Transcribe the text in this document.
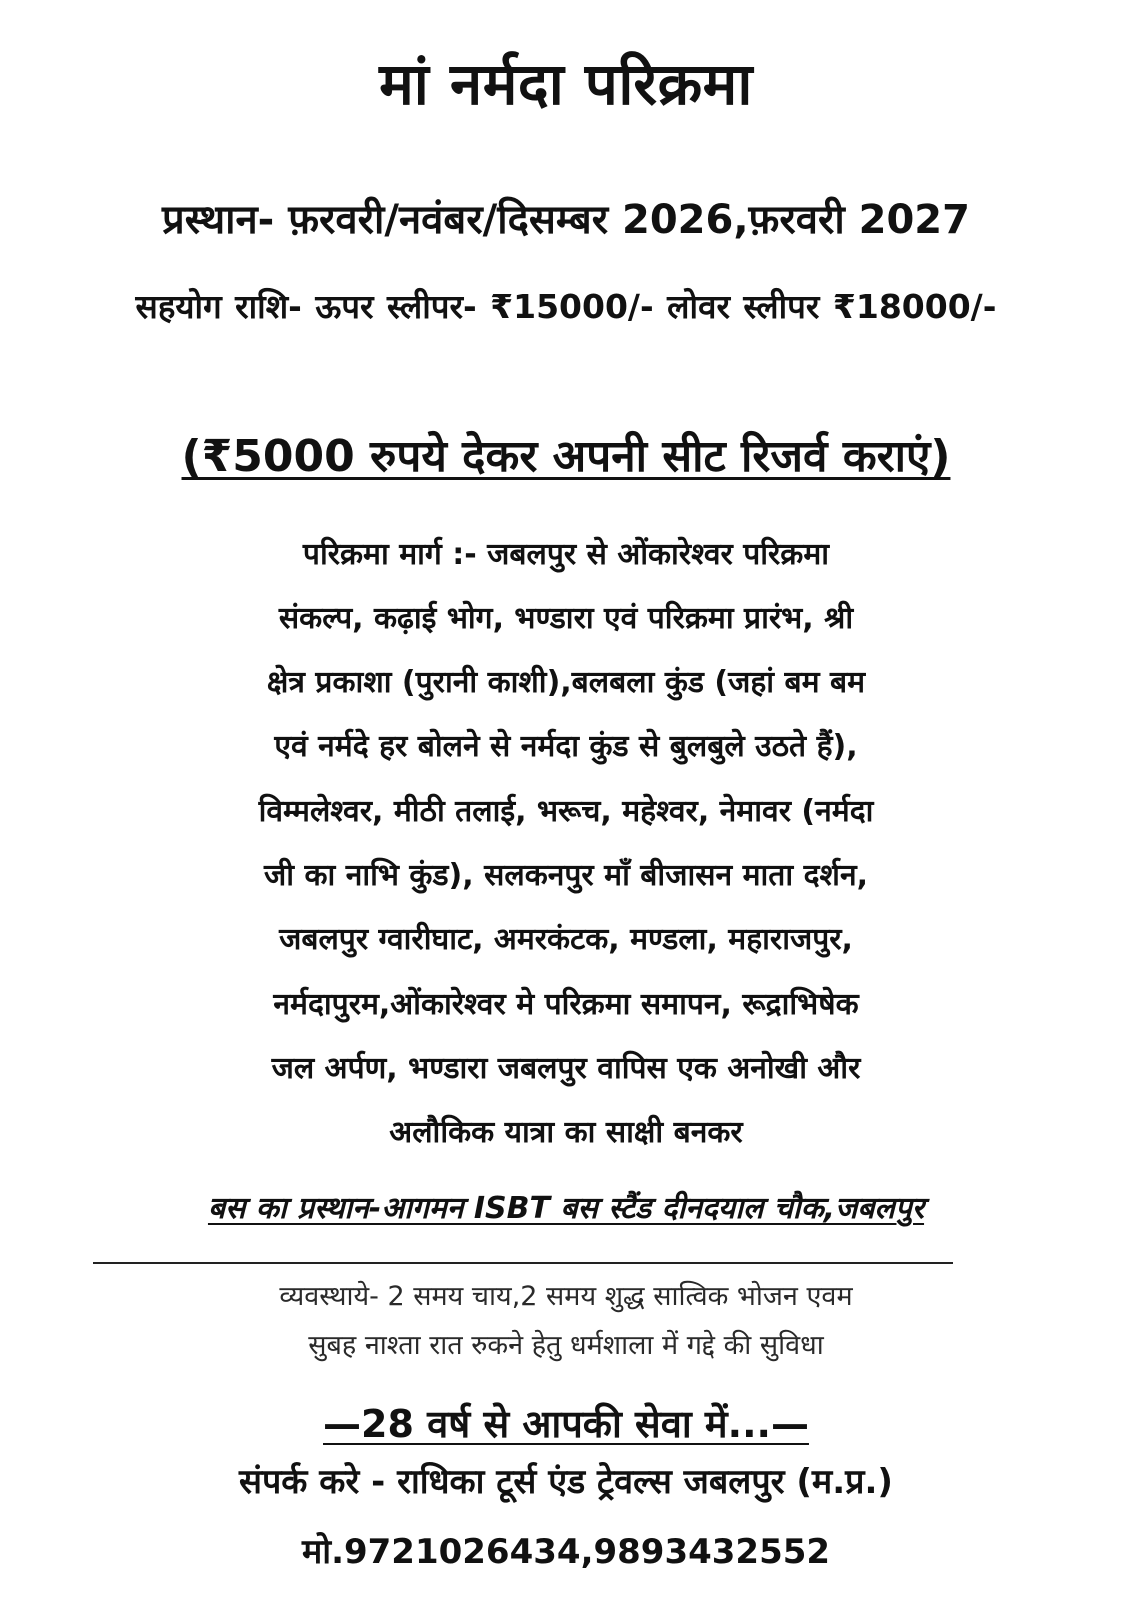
मां नर्मदा परिक्रमा
प्रस्थान- फ़रवरी/नवंबर/दिसम्बर 2026,फ़रवरी 2027
सहयोग राशि- ऊपर स्लीपर- ₹15000/- लोवर स्लीपर ₹18000/-
(₹5000 रुपये देकर अपनी सीट रिजर्व कराएं)
परिक्रमा मार्ग :- जबलपुर से ओंकारेश्वर परिक्रमा
संकल्प, कढ़ाई भोग, भण्डारा एवं परिक्रमा प्रारंभ, श्री
क्षेत्र प्रकाशा (पुरानी काशी),बलबला कुंड (जहां बम बम
एवं नर्मदे हर बोलने से नर्मदा कुंड से बुलबुले उठते हैं),
विम्मलेश्वर, मीठी तलाई, भरूच, महेश्वर, नेमावर (नर्मदा
जी का नाभि कुंड), सलकनपुर माँ बीजासन माता दर्शन,
जबलपुर ग्वारीघाट, अमरकंटक, मण्डला, महाराजपुर,
नर्मदापुरम,ओंकारेश्वर मे परिक्रमा समापन, रूद्राभिषेक
जल अर्पण, भण्डारा जबलपुर वापिस एक अनोखी और
अलौकिक यात्रा का साक्षी बनकर
बस का प्रस्थान-आगमन ISBT बस स्टैंड दीनदयाल चौक,जबलपुर
व्यवस्थाये- 2 समय चाय,2 समय शुद्ध सात्विक भोजन एवम
सुबह नाश्ता रात रुकने हेतु धर्मशाला में गद्दे की सुविधा
—28 वर्ष से आपकी सेवा में...—
संपर्क करे - राधिका टूर्स एंड ट्रेवल्स जबलपुर (म.प्र.)
मो.9721026434,9893432552
